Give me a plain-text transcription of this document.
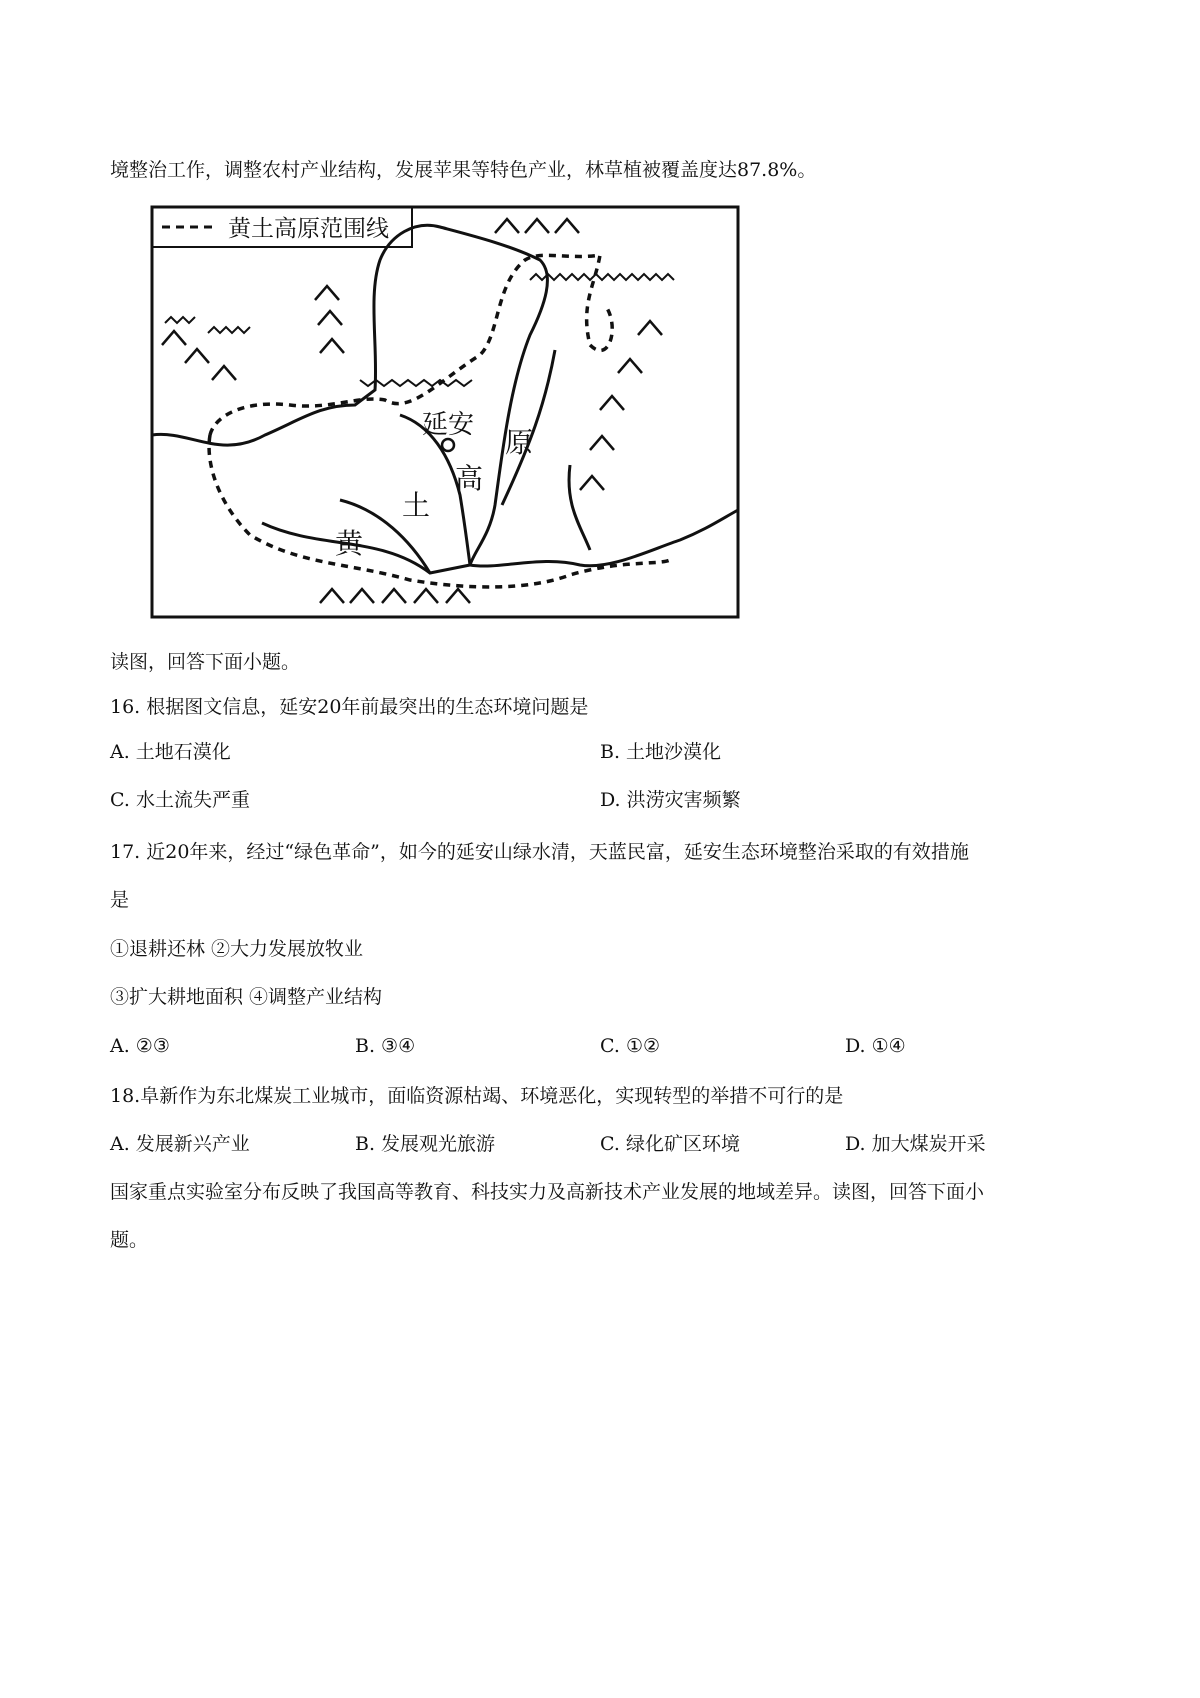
境整治工作，调整农村产业结构，发展苹果等特色产业，林草植被覆盖度达87.8%。
黄土高原范围线
延安
黄
土
高
原
读图，回答下面小题。
16. 根据图文信息，延安20年前最突出的生态环境问题是
A. 土地石漠化	B. 土地沙漠化
C. 水土流失严重	D. 洪涝灾害频繁
17. 近20年来，经过“绿色革命”，如今的延安山绿水清，天蓝民富，延安生态环境整治采取的有效措施
是
①退耕还林 ②大力发展放牧业
③扩大耕地面积 ④调整产业结构
A. ②③	B. ③④	C. ①②	D. ①④
18.阜新作为东北煤炭工业城市，面临资源枯竭、环境恶化，实现转型的举措不可行的是
A. 发展新兴产业	B. 发展观光旅游	C. 绿化矿区环境	D. 加大煤炭开采
国家重点实验室分布反映了我国高等教育、科技实力及高新技术产业发展的地域差异。读图，回答下面小
题。
